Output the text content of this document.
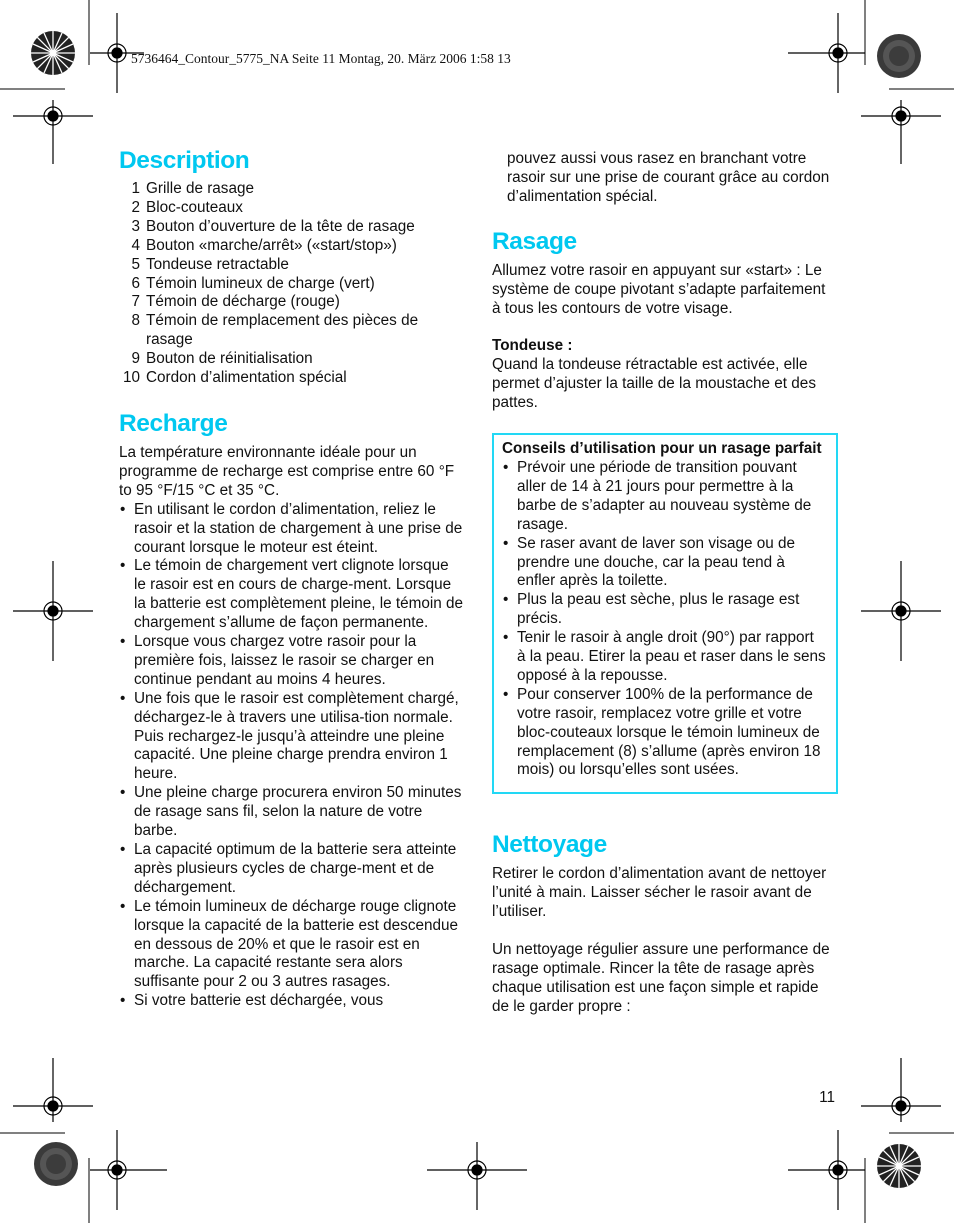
5736464_Contour_5775_NA Seite 11 Montag, 20. März 2006 1:58 13
Description
1 Grille de rasage
2 Bloc-couteaux
3 Bouton d’ouverture de la tête de rasage
4 Bouton «marche/arrêt» («start/stop»)
5 Tondeuse retractable
6 Témoin lumineux de charge (vert)
7 Témoin de décharge (rouge)
8 Témoin de remplacement des pièces de rasage
9 Bouton de réinitialisation
10 Cordon d’alimentation spécial
Recharge

La température environnante idéale pour un programme de recharge est comprise entre 60 °F to 95 °F/15 °C et 35 °C.

• En utilisant le cordon d’alimentation, reliez le rasoir et la station de chargement à une prise de courant lorsque le moteur est éteint.
• Le témoin de chargement vert clignote lorsque le rasoir est en cours de charge-ment. Lorsque la batterie est complètement pleine, le témoin de chargement s’allume de façon permanente.
• Lorsque vous chargez votre rasoir pour la première fois, laissez le rasoir se charger en continue pendant au moins 4 heures.
• Une fois que le rasoir est complètement chargé, déchargez-le à travers une utilisa-tion normale. Puis rechargez-le jusqu’à atteindre une pleine capacité. Une pleine charge prendra environ 1 heure.
• Une pleine charge procurera environ 50 minutes de rasage sans fil, selon la nature de votre barbe.
• La capacité optimum de la batterie sera atteinte après plusieurs cycles de charge-ment et de déchargement.
• Le témoin lumineux de décharge rouge clignote lorsque la capacité de la batterie est descendue en dessous de 20% et que le rasoir est en marche. La capacité restante sera alors suffisante pour 2 ou 3 autres rasages.
• Si votre batterie est déchargée, vous

pouvez aussi vous rasez en branchant votre rasoir sur une prise de courant grâce au cordon d’alimentation spécial.

Rasage

Allumez votre rasoir en appuyant sur «start» : Le système de coupe pivotant s’adapte parfaitement à tous les contours de votre visage.

Tondeuse :

Quand la tondeuse rétractable est activée, elle permet d’ajuster la taille de la moustache et des pattes.

Conseils d’utilisation pour un rasage parfait

• Prévoir une période de transition pouvant aller de 14 à 21 jours pour permettre à la barbe de s’adapter au nouveau système de rasage.
• Se raser avant de laver son visage ou de prendre une douche, car la peau tend à enfler après la toilette.
• Plus la peau est sèche, plus le rasage est précis.
• Tenir le rasoir à angle droit (90°) par rapport à la peau. Etirer la peau et raser dans le sens opposé à la repousse.
• Pour conserver 100% de la performance de votre rasoir, remplacez votre grille et votre bloc-couteaux lorsque le témoin lumineux de remplacement (8) s’allume (après environ 18 mois) ou lorsqu’elles sont usées.
Nettoyage

Retirer le cordon d’alimentation avant de nettoyer l’unité à main. Laisser sécher le rasoir avant de l’utiliser.

Un nettoyage régulier assure une performance de rasage optimale. Rincer la tête de rasage après chaque utilisation est une façon simple et rapide de le garder propre :

11
